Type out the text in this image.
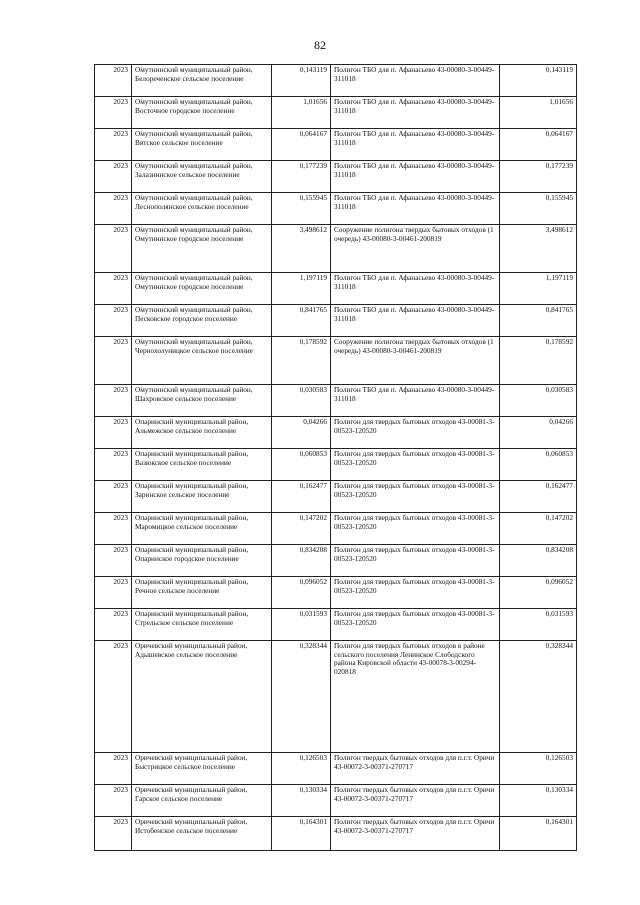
82
2023	Омутнинский муниципальный район, Белореченское сельское поселение	0,143119	Полигон ТБО для п. Афанасьево 43-00080-3-00449-311018	0,143119
2023	Омутнинский муниципальный район, Восточное городское поселение	1,01656	Полигон ТБО для п. Афанасьево 43-00080-3-00449-311018	1,01656
2023	Омутнинский муниципальный район, Вятское сельское поселение	0,064167	Полигон ТБО для п. Афанасьево 43-00080-3-00449-311018	0,064167
2023	Омутнинский муниципальный район, Залазнинское сельское поселение	0,177239	Полигон ТБО для п. Афанасьево 43-00080-3-00449-311018	0,177239
2023	Омутнинский муниципальный район, Леснополянское сельское поселение	0,155945	Полигон ТБО для п. Афанасьево 43-00080-3-00449-311018	0,155945
2023	Омутнинский муниципальный район, Омутнинское городское поселение	3,498612	Сооружение полигона твердых бытовых отходов (1 очередь) 43-00080-3-00461-200819	3,498612
2023	Омутнинский муниципальный район, Омутнинское городское поселение	1,197119	Полигон ТБО для п. Афанасьево 43-00080-3-00449-311018	1,197119
2023	Омутнинский муниципальный район, Песковское городское поселение	0,841765	Полигон ТБО для п. Афанасьево 43-00080-3-00449-311018	0,841765
2023	Омутнинский муниципальный район, Чернохолуницкое сельское поселение	0,178592	Сооружение полигона твердых бытовых отходов (1 очередь) 43-00080-3-00461-200819	0,178592
2023	Омутнинский муниципальный район, Шахровское сельское поселение	0,030583	Полигон ТБО для п. Афанасьево 43-00080-3-00449-311018	0,030583
2023	Опаринский муниципальный район, Альмежское сельское поселение	0,04266	Полигон для твердых бытовых отходов 43-00081-3-00523-120520	0,04266
2023	Опаринский муниципальный район, Вазюкское сельское поселение	0,060853	Полигон для твердых бытовых отходов 43-00081-3-00523-120520	0,060853
2023	Опаринский муниципальный район, Заринское сельское поселение	0,162477	Полигон для твердых бытовых отходов 43-00081-3-00523-120520	0,162477
2023	Опаринский муниципальный район, Маромицкое сельское поселение	0,147202	Полигон для твердых бытовых отходов 43-00081-3-00523-120520	0,147202
2023	Опаринский муниципальный район, Опаринское городское поселение	0,834208	Полигон для твердых бытовых отходов 43-00081-3-00523-120520	0,834208
2023	Опаринский муниципальный район, Речное сельское поселение	0,096052	Полигон для твердых бытовых отходов 43-00081-3-00523-120520	0,096052
2023	Опаринский муниципальный район, Стрельское сельское поселение	0,031593	Полигон для твердых бытовых отходов 43-00081-3-00523-120520	0,031593
2023	Оричевский муниципальный район, Адышевское сельское поселение	0,328344	Полигон для твердых бытовых отходов в районе сельского поселения Ленинское Слободского района Кировской области 43-00078-3-00294-020818	0,328344
2023	Оричевский муниципальный район, Быстрицкое сельское поселение	0,126503	Полигон твердых бытовых отходов для п.г.т. Оричи 43-00072-3-00371-270717	0,126503
2023	Оричевский муниципальный район, Гарское сельское поселение	0,130334	Полигон твердых бытовых отходов для п.г.т. Оричи 43-00072-3-00371-270717	0,130334
2023	Оричевский муниципальный район, Истобенское сельское поселение	0,164301	Полигон твердых бытовых отходов для п.г.т. Оричи 43-00072-3-00371-270717	0,164301
